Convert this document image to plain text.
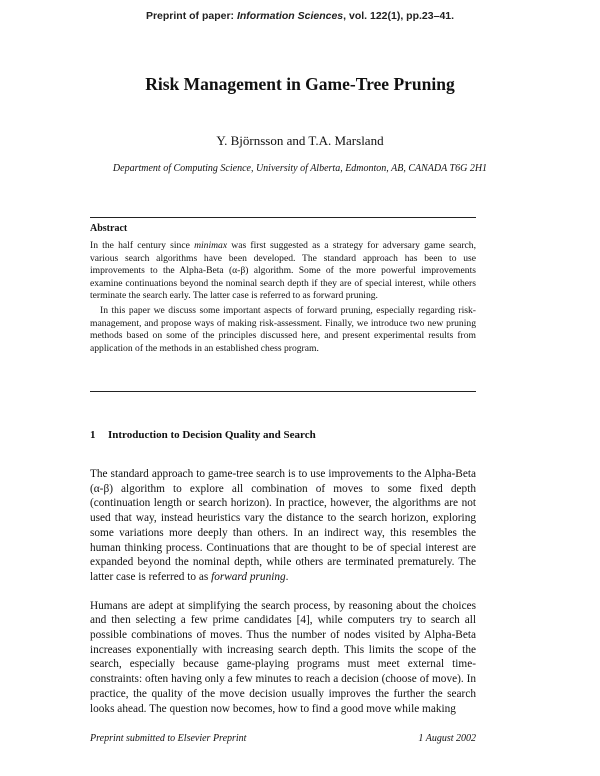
Preprint of paper: Information Sciences, vol. 122(1), pp.23–41.
Risk Management in Game-Tree Pruning
Y. Björnsson and T.A. Marsland
Department of Computing Science, University of Alberta, Edmonton, AB, CANADA T6G 2H1
Abstract

In the half century since minimax was first suggested as a strategy for adversary game search, various search algorithms have been developed. The standard approach has been to use improvements to the Alpha-Beta (α-β) algorithm. Some of the more powerful improvements examine continuations beyond the nominal search depth if they are of special interest, while others terminate the search early. The latter case is referred to as forward pruning.

In this paper we discuss some important aspects of forward pruning, especially regarding risk-management, and propose ways of making risk-assessment. Finally, we introduce two new pruning methods based on some of the principles discussed here, and present experimental results from application of the methods in an established chess program.

1 Introduction to Decision Quality and Search

The standard approach to game-tree search is to use improvements to the Alpha-Beta (α-β) algorithm to explore all combination of moves to some fixed depth (continuation length or search horizon). In practice, however, the algorithms are not used that way, instead heuristics vary the distance to the search horizon, exploring some variations more deeply than others. In an indirect way, this resembles the human thinking process. Continuations that are thought to be of special interest are expanded beyond the nominal depth, while others are terminated prematurely. The latter case is referred to as forward pruning.

Humans are adept at simplifying the search process, by reasoning about the choices and then selecting a few prime candidates [4], while computers try to search all possible combinations of moves. Thus the number of nodes visited by Alpha-Beta increases exponentially with increasing search depth. This limits the scope of the search, especially because game-playing programs must meet external time-constraints: often having only a few minutes to reach a decision (choose of move). In practice, the quality of the move decision usually improves the further the search looks ahead. The question now becomes, how to find a good move while making

Preprint submitted to Elsevier Preprint	1 August 2002
